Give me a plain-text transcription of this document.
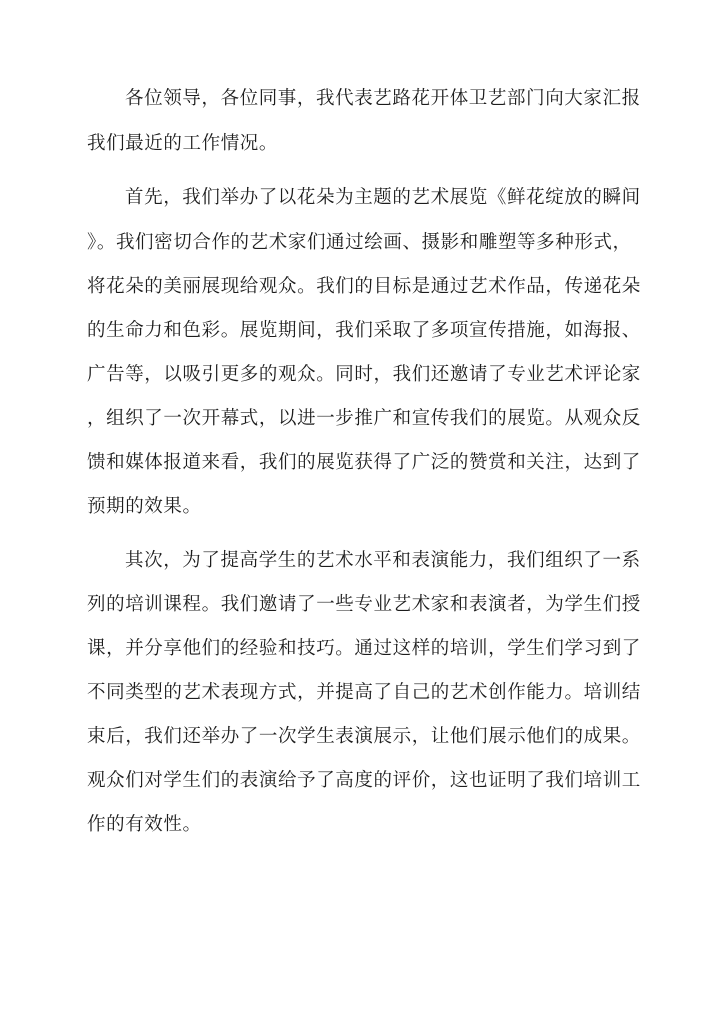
各位领导，各位同事，我代表艺路花开体卫艺部门向大家汇报
我们最近的工作情况。
首先，我们举办了以花朵为主题的艺术展览《鲜花绽放的瞬间
》。我们密切合作的艺术家们通过绘画、摄影和雕塑等多种形式，
将花朵的美丽展现给观众。我们的目标是通过艺术作品，传递花朵
的生命力和色彩。展览期间，我们采取了多项宣传措施，如海报、
广告等，以吸引更多的观众。同时，我们还邀请了专业艺术评论家
，组织了一次开幕式，以进一步推广和宣传我们的展览。从观众反
馈和媒体报道来看，我们的展览获得了广泛的赞赏和关注，达到了
预期的效果。
其次，为了提高学生的艺术水平和表演能力，我们组织了一系
列的培训课程。我们邀请了一些专业艺术家和表演者，为学生们授
课，并分享他们的经验和技巧。通过这样的培训，学生们学习到了
不同类型的艺术表现方式，并提高了自己的艺术创作能力。培训结
束后，我们还举办了一次学生表演展示，让他们展示他们的成果。
观众们对学生们的表演给予了高度的评价，这也证明了我们培训工
作的有效性。
